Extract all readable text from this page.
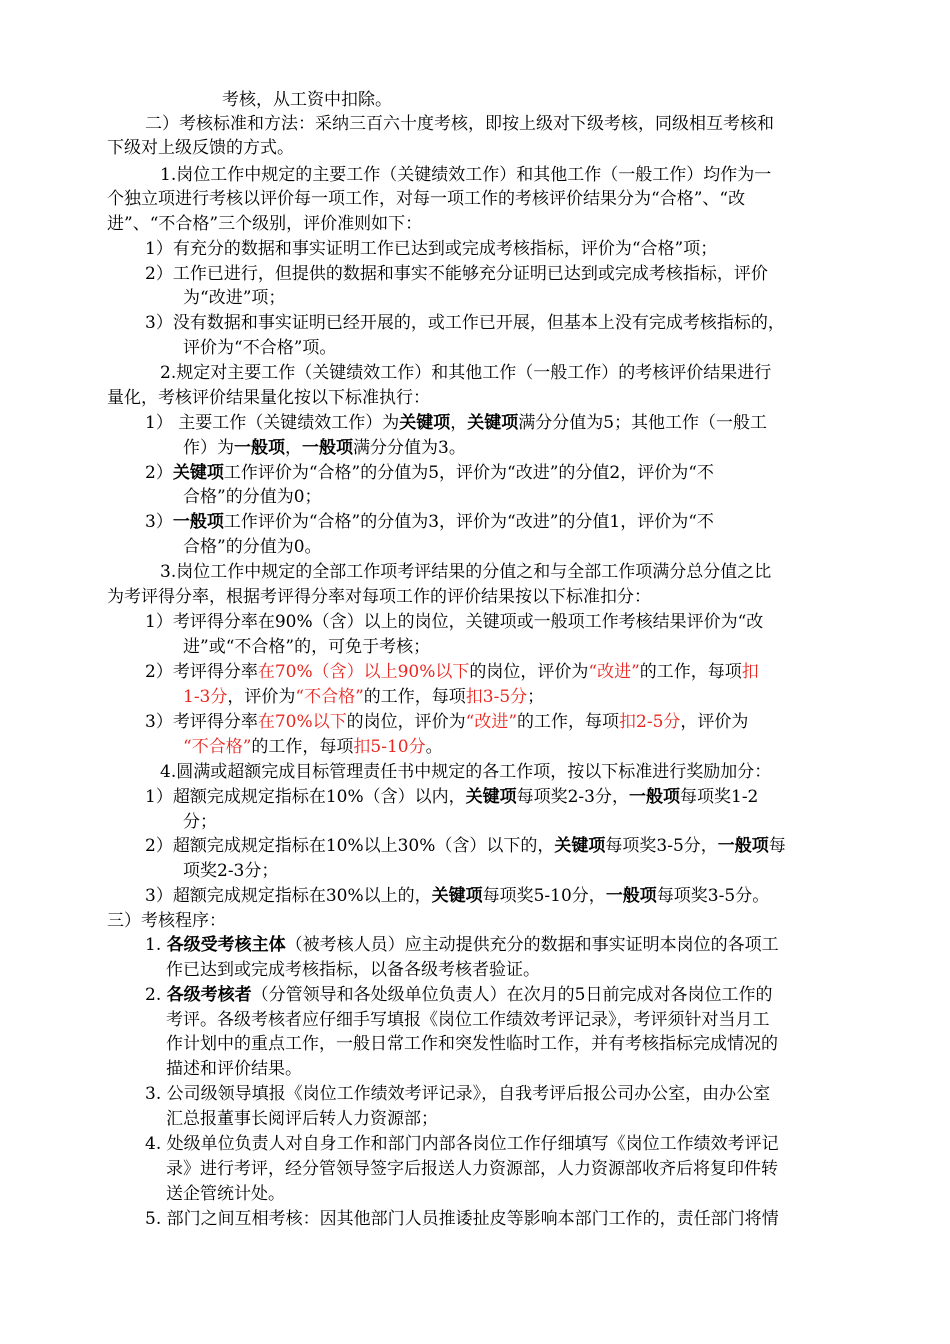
考核，从工资中扣除。
二）考核标准和方法：采纳三百六十度考核，即按上级对下级考核，同级相互考核和
下级对上级反馈的方式。
1.岗位工作中规定的主要工作（关键绩效工作）和其他工作（一般工作）均作为一
个独立项进行考核以评价每一项工作，对每一项工作的考核评价结果分为“合格”、“改
进”、“不合格”三个级别，评价准则如下：
1）有充分的数据和事实证明工作已达到或完成考核指标，评价为“合格”项；
2）工作已进行，但提供的数据和事实不能够充分证明已达到或完成考核指标，评价
为“改进”项；
3）没有数据和事实证明已经开展的，或工作已开展，但基本上没有完成考核指标的，
评价为“不合格”项。
2.规定对主要工作（关键绩效工作）和其他工作（一般工作）的考核评价结果进行
量化，考核评价结果量化按以下标准执行：
1） 主要工作（关键绩效工作）为关键项，关键项满分分值为5；其他工作（一般工
作）为一般项，一般项满分分值为3。
2）关键项工作评价为“合格”的分值为5，评价为“改进”的分值2，评价为“不
合格”的分值为0；
3）一般项工作评价为“合格”的分值为3，评价为“改进”的分值1，评价为“不
合格”的分值为0。
3.岗位工作中规定的全部工作项考评结果的分值之和与全部工作项满分总分值之比
为考评得分率，根据考评得分率对每项工作的评价结果按以下标准扣分：
1）考评得分率在90%（含）以上的岗位，关键项或一般项工作考核结果评价为“改
进”或“不合格”的，可免于考核；
2）考评得分率在70%（含）以上90%以下的岗位，评价为“改进”的工作，每项扣
1-3分，评价为“不合格”的工作，每项扣3-5分；
3）考评得分率在70%以下的岗位，评价为“改进”的工作，每项扣2-5分，评价为
“不合格”的工作，每项扣5-10分。
4.圆满或超额完成目标管理责任书中规定的各工作项，按以下标准进行奖励加分：
1）超额完成规定指标在10%（含）以内，关键项每项奖2-3分，一般项每项奖1-2
分；
2）超额完成规定指标在10%以上30%（含）以下的，关键项每项奖3-5分，一般项每
项奖2-3分；
3）超额完成规定指标在30%以上的，关键项每项奖5-10分，一般项每项奖3-5分。
三）考核程序：
1. 各级受考核主体（被考核人员）应主动提供充分的数据和事实证明本岗位的各项工
作已达到或完成考核指标，以备各级考核者验证。
2. 各级考核者（分管领导和各处级单位负责人）在次月的5日前完成对各岗位工作的
考评。各级考核者应仔细手写填报《岗位工作绩效考评记录》，考评须针对当月工
作计划中的重点工作，一般日常工作和突发性临时工作，并有考核指标完成情况的
描述和评价结果。
3. 公司级领导填报《岗位工作绩效考评记录》，自我考评后报公司办公室，由办公室
汇总报董事长阅评后转人力资源部；
4. 处级单位负责人对自身工作和部门内部各岗位工作仔细填写《岗位工作绩效考评记
录》进行考评，经分管领导签字后报送人力资源部，人力资源部收齐后将复印件转
送企管统计处。
5. 部门之间互相考核：因其他部门人员推诿扯皮等影响本部门工作的，责任部门将情
